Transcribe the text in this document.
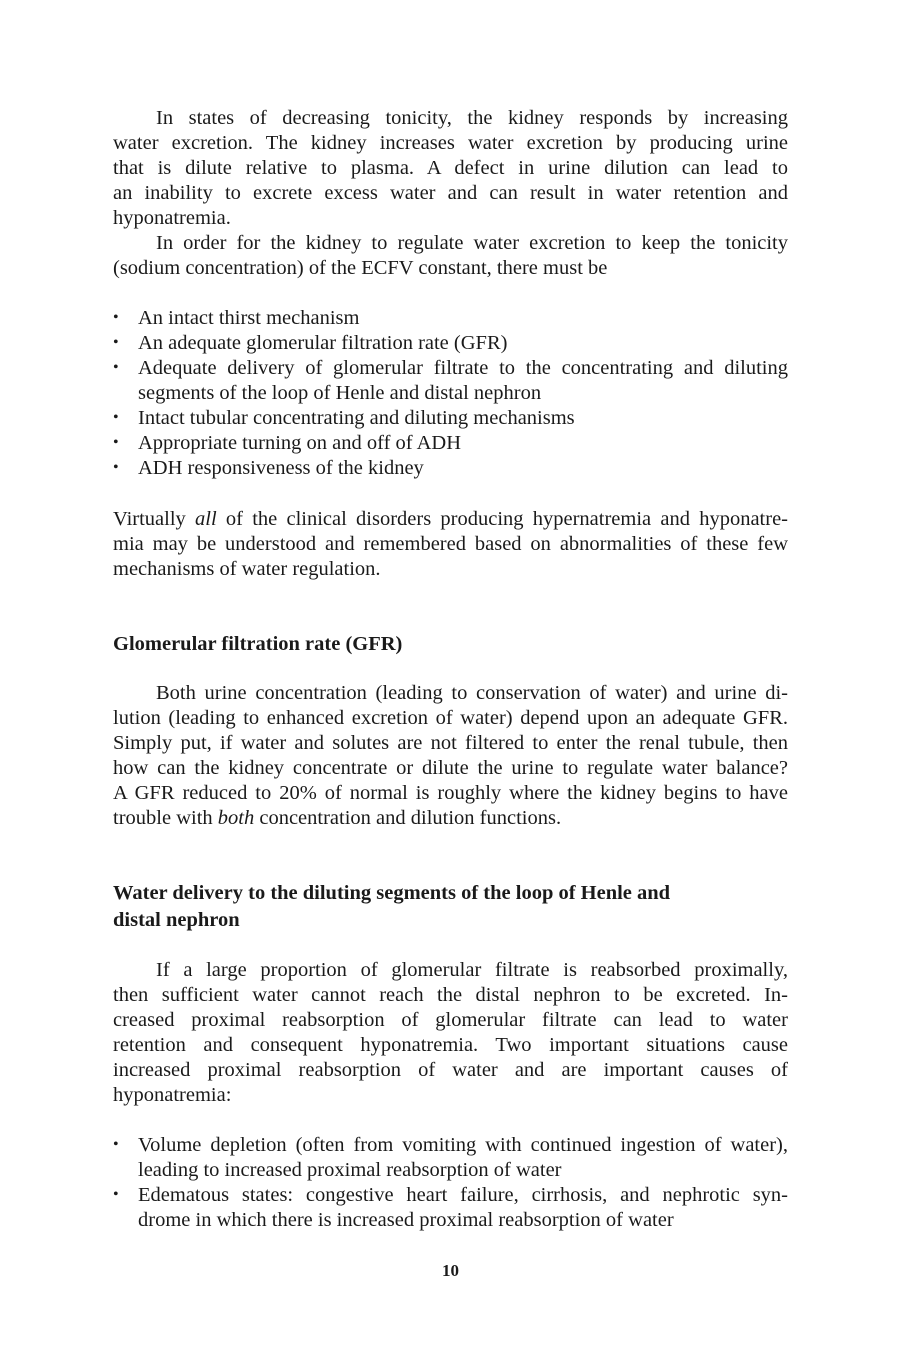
In states of decreasing tonicity, the kidney responds by increasing
water excretion. The kidney increases water excretion by producing urine
that is dilute relative to plasma. A defect in urine dilution can lead to
an inability to excrete excess water and can result in water retention and
hyponatremia.
In order for the kidney to regulate water excretion to keep the tonicity
(sodium concentration) of the ECFV constant, there must be
• An intact thirst mechanism
• An adequate glomerular filtration rate (GFR)
• Adequate delivery of glomerular filtrate to the concentrating and diluting
segments of the loop of Henle and distal nephron
• Intact tubular concentrating and diluting mechanisms
• Appropriate turning on and off of ADH
• ADH responsiveness of the kidney
Virtually all of the clinical disorders producing hypernatremia and hyponatre-
mia may be understood and remembered based on abnormalities of these few
mechanisms of water regulation.
Glomerular filtration rate (GFR)
Both urine concentration (leading to conservation of water) and urine di-
lution (leading to enhanced excretion of water) depend upon an adequate GFR.
Simply put, if water and solutes are not filtered to enter the renal tubule, then
how can the kidney concentrate or dilute the urine to regulate water balance?
A GFR reduced to 20% of normal is roughly where the kidney begins to have
trouble with both concentration and dilution functions.
Water delivery to the diluting segments of the loop of Henle and
distal nephron
If a large proportion of glomerular filtrate is reabsorbed proximally,
then sufficient water cannot reach the distal nephron to be excreted. In-
creased proximal reabsorption of glomerular filtrate can lead to water
retention and consequent hyponatremia. Two important situations cause
increased proximal reabsorption of water and are important causes of
hyponatremia:
• Volume depletion (often from vomiting with continued ingestion of water),
leading to increased proximal reabsorption of water
• Edematous states: congestive heart failure, cirrhosis, and nephrotic syn-
drome in which there is increased proximal reabsorption of water
10
